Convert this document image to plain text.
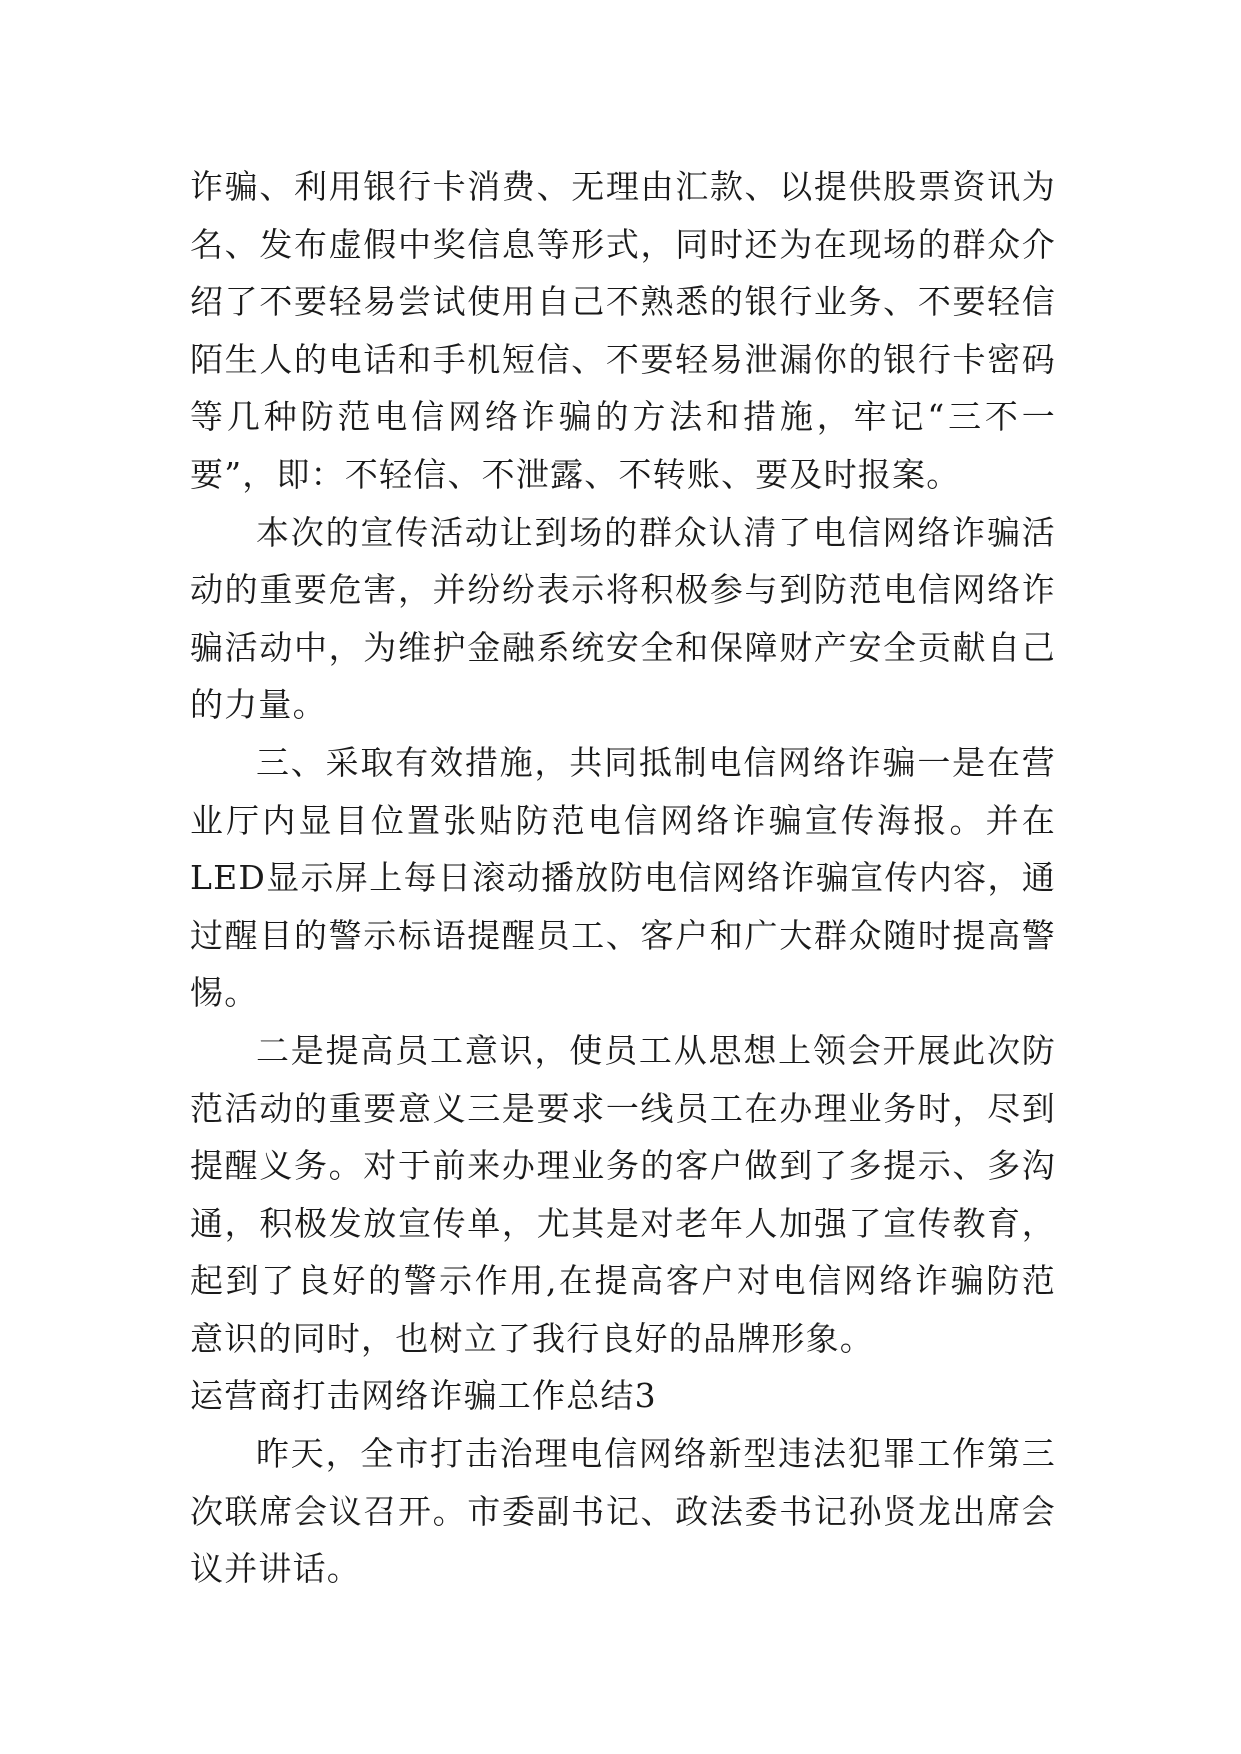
诈骗、利用银行卡消费、无理由汇款、以提供股票资讯为名、发布虚假中奖信息等形式，同时还为在现场的群众介绍了不要轻易尝试使用自己不熟悉的银行业务、不要轻信陌生人的电话和手机短信、不要轻易泄漏你的银行卡密码等几种防范电信网络诈骗的方法和措施，牢记“三不一要”，即：不轻信、不泄露、不转账、要及时报案。

本次的宣传活动让到场的群众认清了电信网络诈骗活动的重要危害，并纷纷表示将积极参与到防范电信网络诈骗活动中，为维护金融系统安全和保障财产安全贡献自己的力量。

三、采取有效措施，共同抵制电信网络诈骗一是在营业厅内显目位置张贴防范电信网络诈骗宣传海报。并在LED显示屏上每日滚动播放防电信网络诈骗宣传内容，通过醒目的警示标语提醒员工、客户和广大群众随时提高警惕。

二是提高员工意识，使员工从思想上领会开展此次防范活动的重要意义三是要求一线员工在办理业务时，尽到提醒义务。对于前来办理业务的客户做到了多提示、多沟通，积极发放宣传单，尤其是对老年人加强了宣传教育，起到了良好的警示作用,在提高客户对电信网络诈骗防范意识的同时，也树立了我行良好的品牌形象。

运营商打击网络诈骗工作总结3

昨天，全市打击治理电信网络新型违法犯罪工作第三次联席会议召开。市委副书记、政法委书记孙贤龙出席会议并讲话。
